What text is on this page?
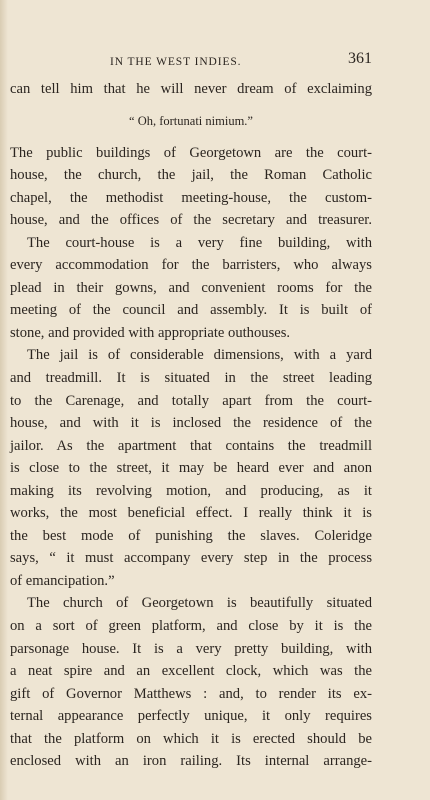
IN THE WEST INDIES.	361
can tell him that he will never dream of exclaiming
“ Oh, fortunati nimium.”
The public buildings of Georgetown are the court-
house, the church, the jail, the Roman Catholic
chapel, the methodist meeting-house, the custom-
house, and the offices of the secretary and treasurer.
The court-house is a very fine building, with
every accommodation for the barristers, who always
plead in their gowns, and convenient rooms for the
meeting of the council and assembly. It is built of
stone, and provided with appropriate outhouses.
The jail is of considerable dimensions, with a yard
and treadmill. It is situated in the street leading
to the Carenage, and totally apart from the court-
house, and with it is inclosed the residence of the
jailor. As the apartment that contains the treadmill
is close to the street, it may be heard ever and anon
making its revolving motion, and producing, as it
works, the most beneficial effect. I really think it is
the best mode of punishing the slaves. Coleridge
says, “ it must accompany every step in the process
of emancipation.”
The church of Georgetown is beautifully situated
on a sort of green platform, and close by it is the
parsonage house. It is a very pretty building, with
a neat spire and an excellent clock, which was the
gift of Governor Matthews : and, to render its ex-
ternal appearance perfectly unique, it only requires
that the platform on which it is erected should be
enclosed with an iron railing. Its internal arrange-
